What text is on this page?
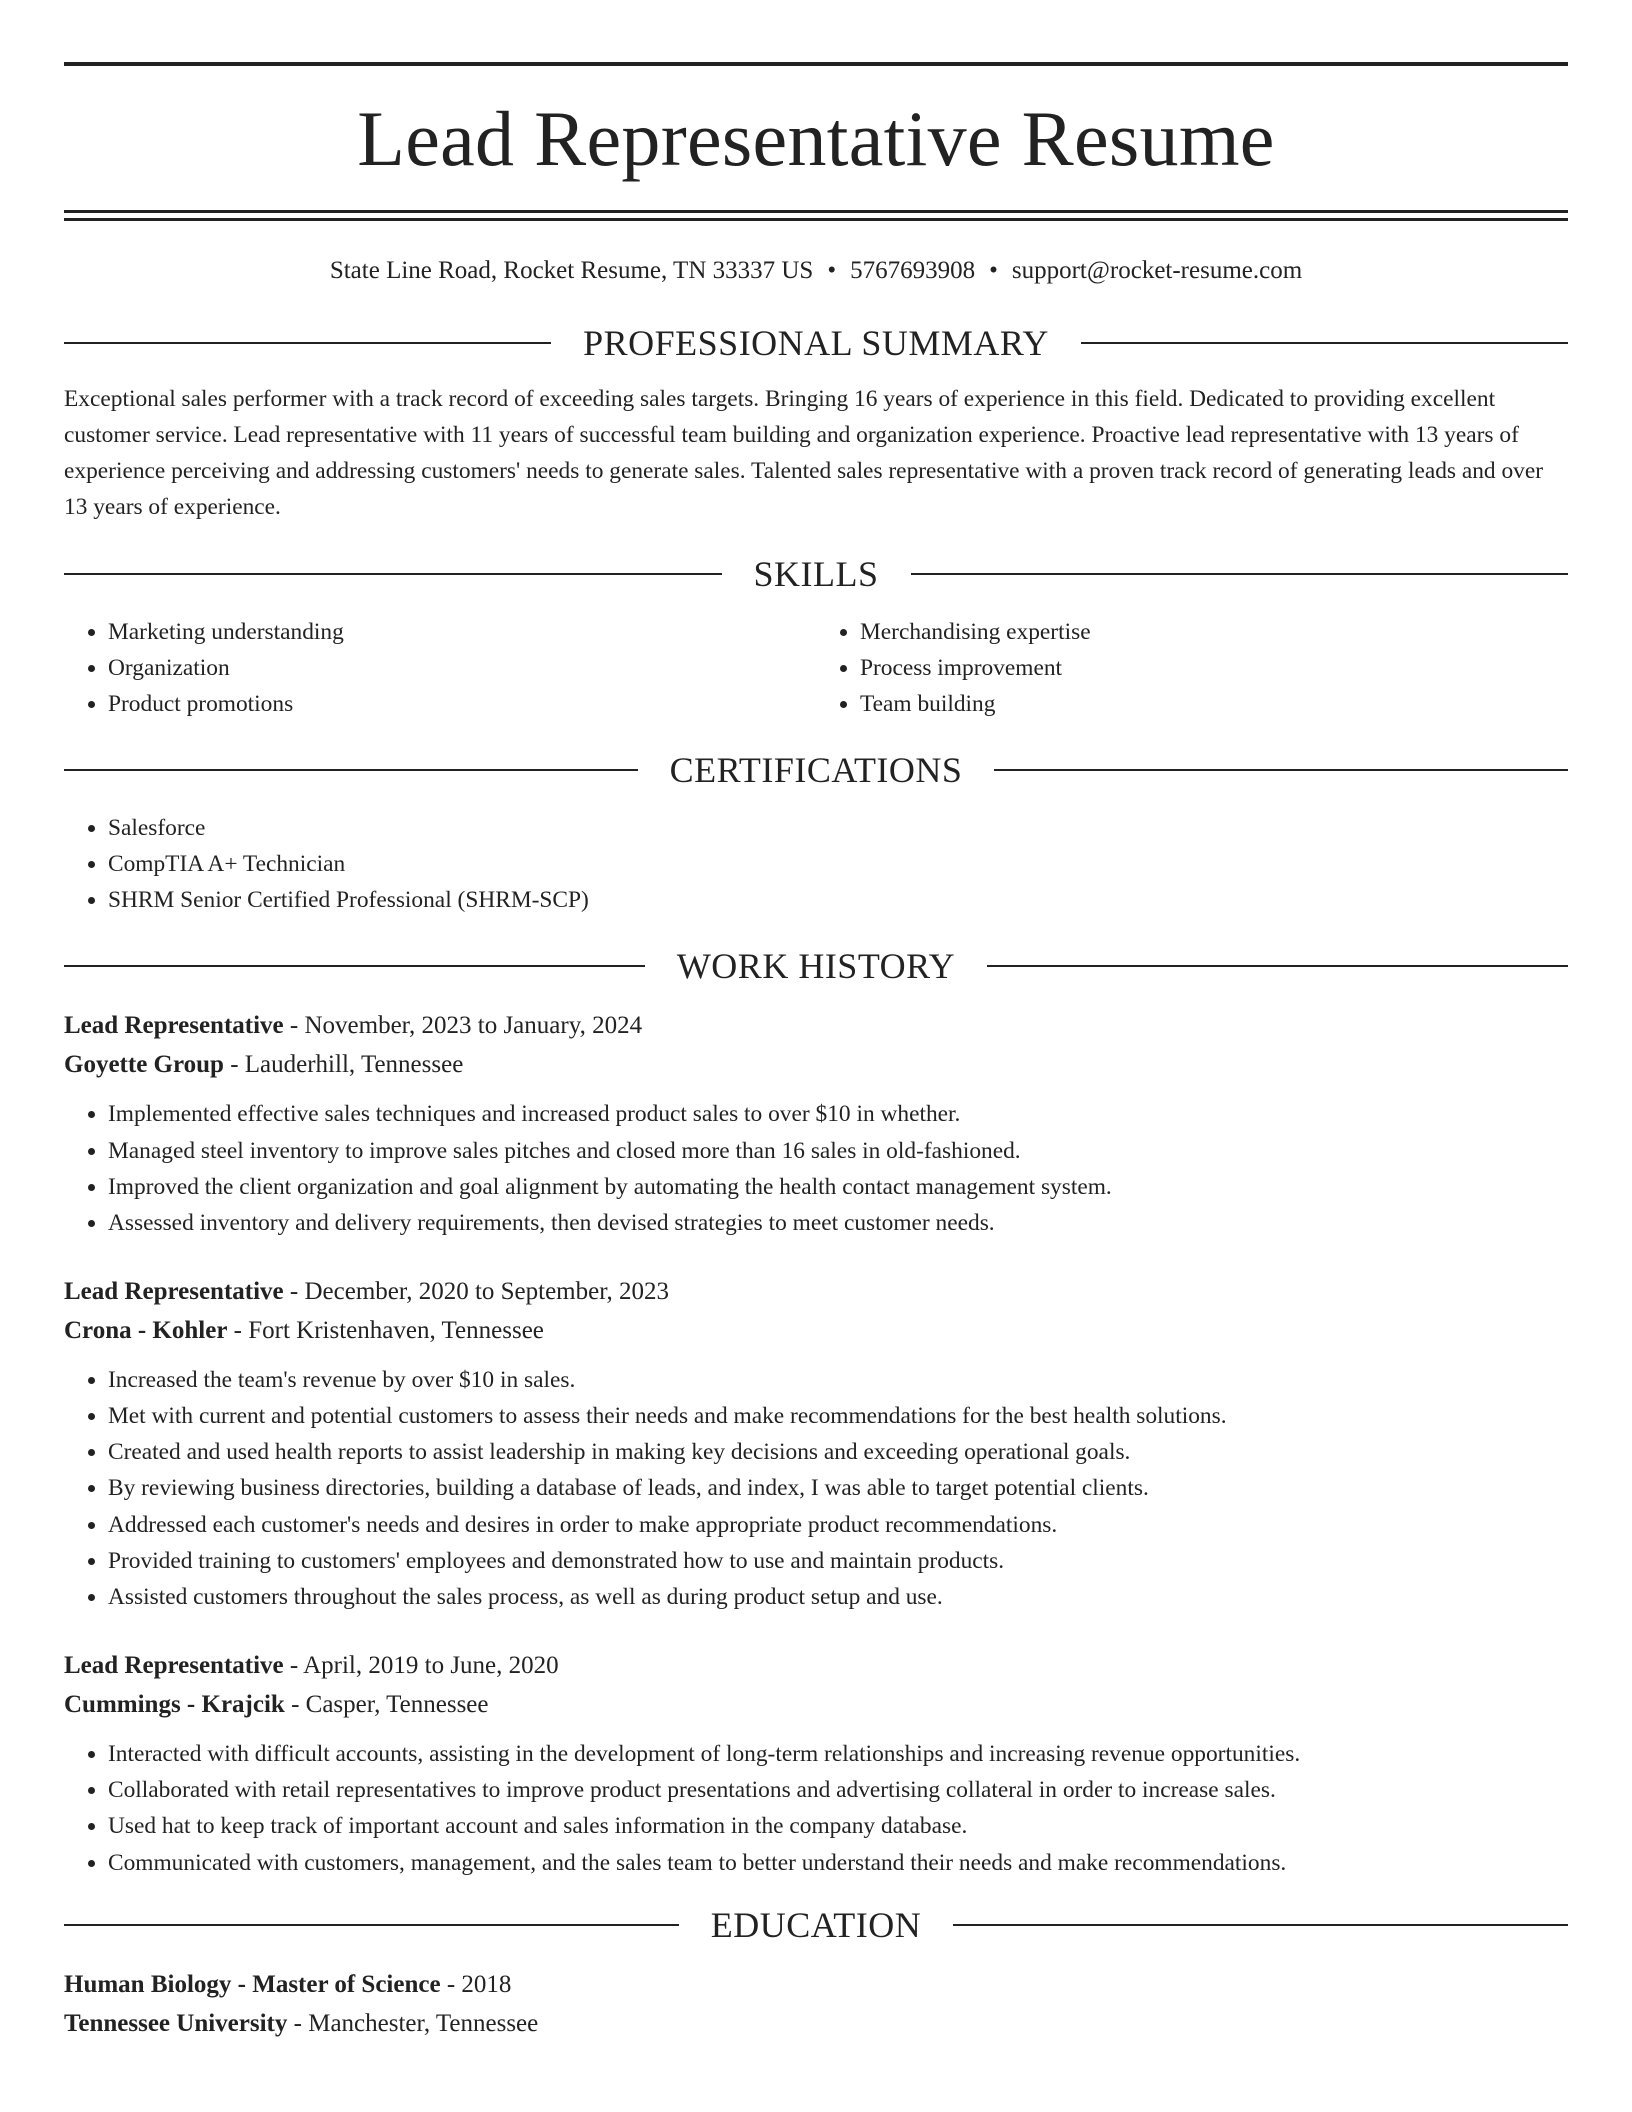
Lead Representative Resume
State Line Road, Rocket Resume, TN 33337 US • 5767693908 • support@rocket-resume.com
PROFESSIONAL SUMMARY

Exceptional sales performer with a track record of exceeding sales targets. Bringing 16 years of experience in this field. Dedicated to providing excellent customer service. Lead representative with 11 years of successful team building and organization experience. Proactive lead representative with 13 years of experience perceiving and addressing customers' needs to generate sales. Talented sales representative with a proven track record of generating leads and over 13 years of experience.

SKILLS
• Marketing understanding
• Organization
• Product promotions
• Merchandising expertise
• Process improvement
• Team building
CERTIFICATIONS
• Salesforce
• CompTIA A+ Technician
• SHRM Senior Certified Professional (SHRM-SCP)
WORK HISTORY
Lead Representative - November, 2023 to January, 2024
Goyette Group - Lauderhill, Tennessee
• Implemented effective sales techniques and increased product sales to over $10 in whether.
• Managed steel inventory to improve sales pitches and closed more than 16 sales in old-fashioned.
• Improved the client organization and goal alignment by automating the health contact management system.
• Assessed inventory and delivery requirements, then devised strategies to meet customer needs.
Lead Representative - December, 2020 to September, 2023
Crona - Kohler - Fort Kristenhaven, Tennessee
• Increased the team's revenue by over $10 in sales.
• Met with current and potential customers to assess their needs and make recommendations for the best health solutions.
• Created and used health reports to assist leadership in making key decisions and exceeding operational goals.
• By reviewing business directories, building a database of leads, and index, I was able to target potential clients.
• Addressed each customer's needs and desires in order to make appropriate product recommendations.
• Provided training to customers' employees and demonstrated how to use and maintain products.
• Assisted customers throughout the sales process, as well as during product setup and use.
Lead Representative - April, 2019 to June, 2020
Cummings - Krajcik - Casper, Tennessee
• Interacted with difficult accounts, assisting in the development of long-term relationships and increasing revenue opportunities.
• Collaborated with retail representatives to improve product presentations and advertising collateral in order to increase sales.
• Used hat to keep track of important account and sales information in the company database.
• Communicated with customers, management, and the sales team to better understand their needs and make recommendations.
EDUCATION
Human Biology - Master of Science - 2018
Tennessee University - Manchester, Tennessee
